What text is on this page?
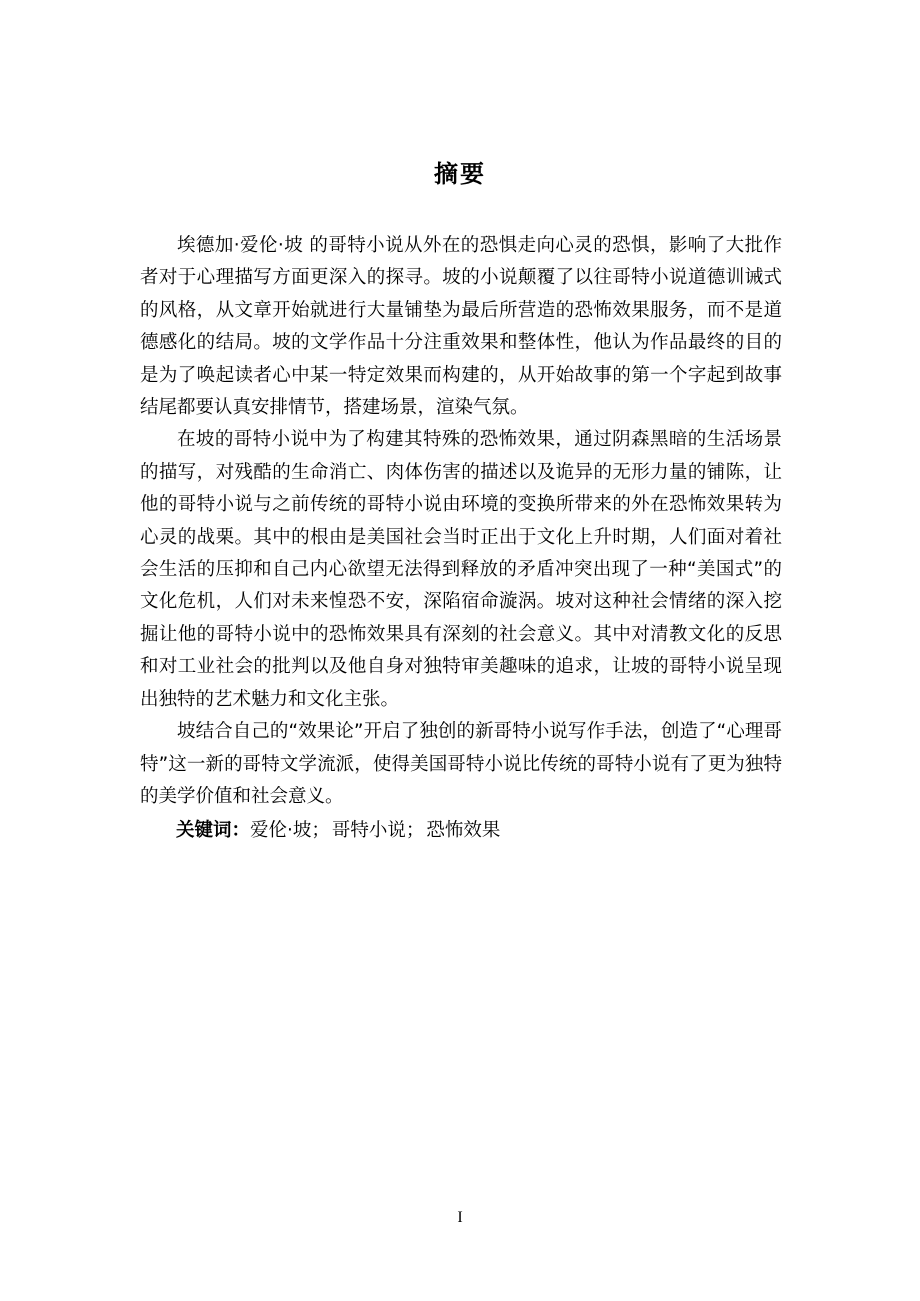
摘要

埃德加·爱伦·坡 的哥特小说从外在的恐惧走向心灵的恐惧，影响了大批作者对于心理描写方面更深入的探寻。坡的小说颠覆了以往哥特小说道德训诫式的风格，从文章开始就进行大量铺垫为最后所营造的恐怖效果服务，而不是道德感化的结局。坡的文学作品十分注重效果和整体性，他认为作品最终的目的是为了唤起读者心中某一特定效果而构建的，从开始故事的第一个字起到故事结尾都要认真安排情节，搭建场景，渲染气氛。

在坡的哥特小说中为了构建其特殊的恐怖效果，通过阴森黑暗的生活场景的描写，对残酷的生命消亡、肉体伤害的描述以及诡异的无形力量的铺陈，让他的哥特小说与之前传统的哥特小说由环境的变换所带来的外在恐怖效果转为心灵的战栗。其中的根由是美国社会当时正出于文化上升时期，人们面对着社会生活的压抑和自己内心欲望无法得到释放的矛盾冲突出现了一种“美国式”的文化危机，人们对未来惶恐不安，深陷宿命漩涡。坡对这种社会情绪的深入挖掘让他的哥特小说中的恐怖效果具有深刻的社会意义。其中对清教文化的反思和对工业社会的批判以及他自身对独特审美趣味的追求，让坡的哥特小说呈现出独特的艺术魅力和文化主张。

坡结合自己的“效果论”开启了独创的新哥特小说写作手法，创造了“心理哥特”这一新的哥特文学流派，使得美国哥特小说比传统的哥特小说有了更为独特的美学价值和社会意义。

关键词：爱伦·坡； 哥特小说； 恐怖效果
I
